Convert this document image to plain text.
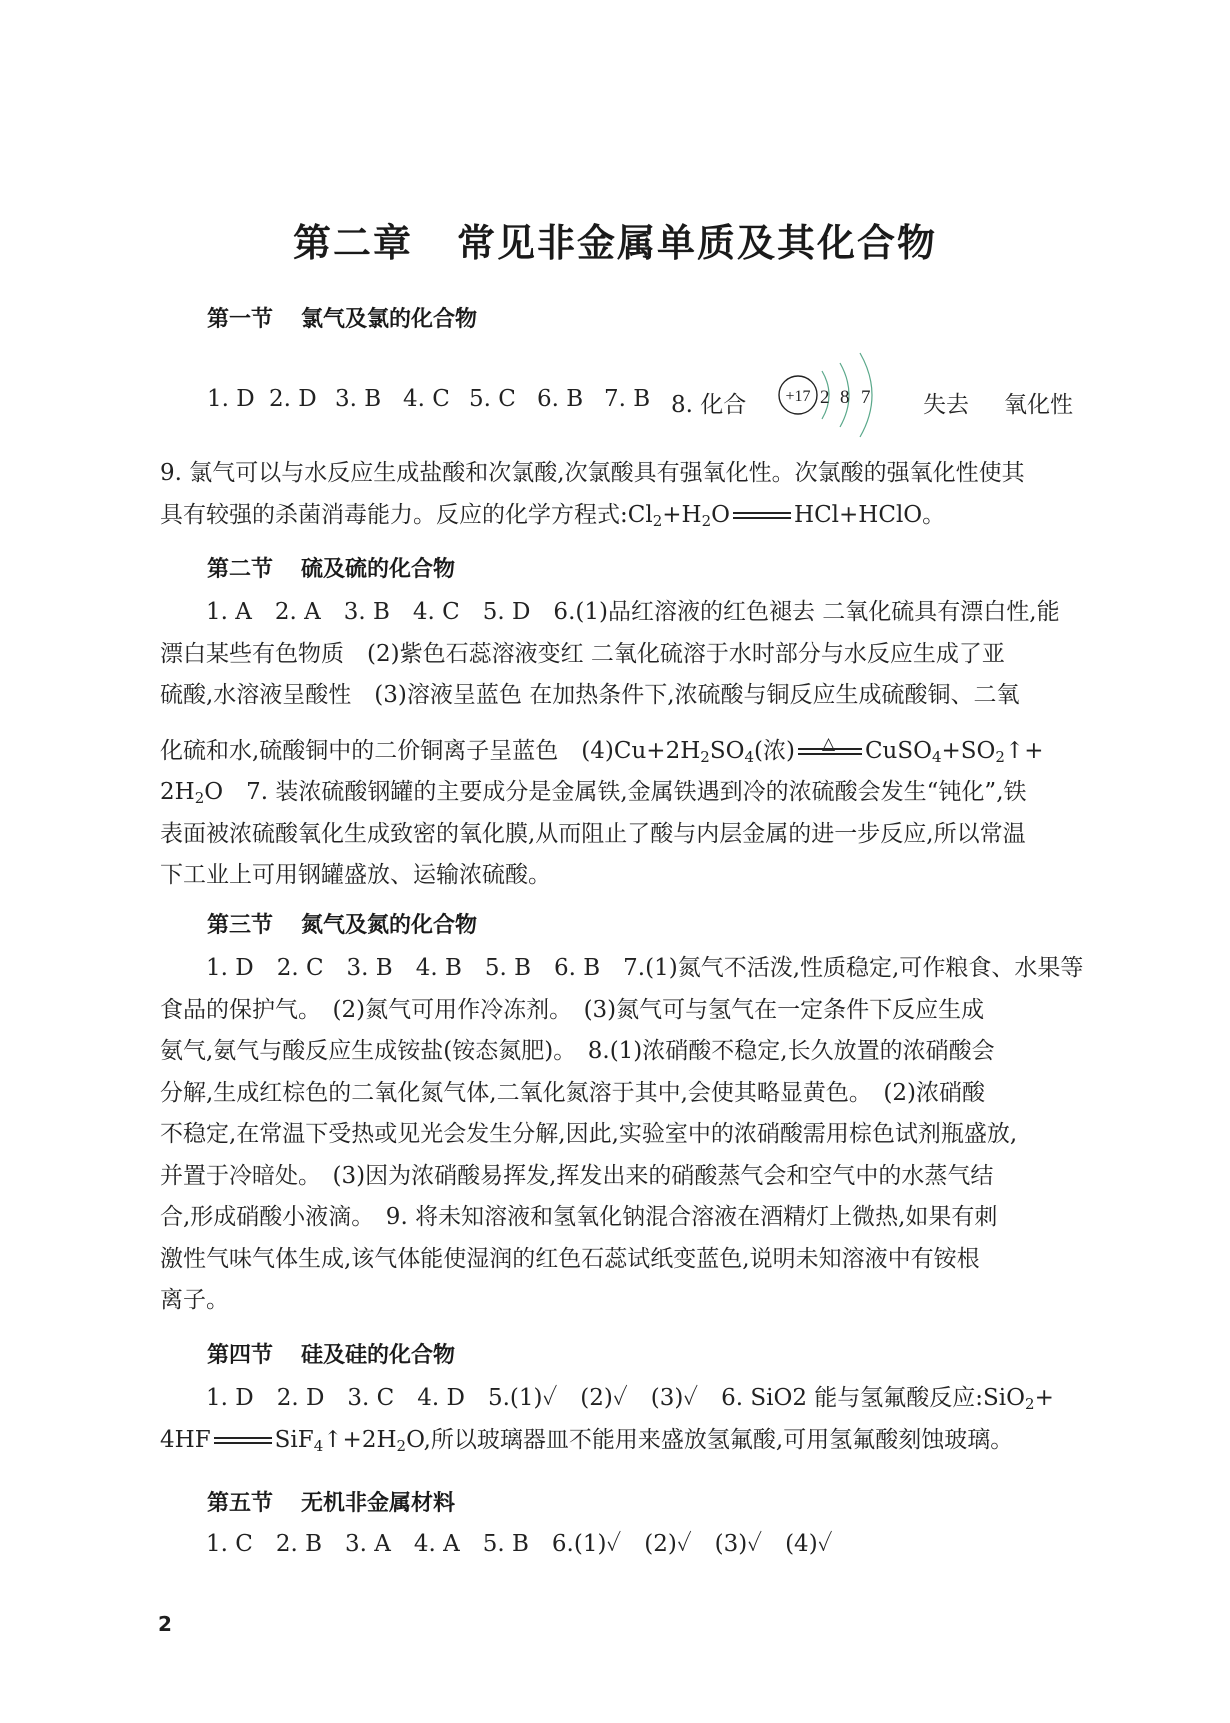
第二章 常见非金属单质及其化合物
第一节 氯气及氯的化合物
1. D 2. D 3. B 4. C 5. C 6. B 7. B 8. 化合	失去 氧化性
+17 2 8 7
9. 氯气可以与水反应生成盐酸和次氯酸,次氯酸具有强氧化性。次氯酸的强氧化性使其
具有较强的杀菌消毒能力。反应的化学方程式$:Cl_2+H_2O$	HCl+HClO。
第二节 硫及硫的化合物
1. A　2. A　3. B　4. C　5. D　6.(1)品红溶液的红色褪去 二氧化硫具有漂白性,能
漂白某些有色物质　(2)紫色石蕊溶液变红 二氧化硫溶于水时部分与水反应生成了亚
硫酸,水溶液呈酸性　(3)溶液呈蓝色 在加热条件下,浓硫酸与铜反应生成硫酸铜、二氧
化硫和水,硫酸铜中的二价铜离子呈蓝色　$(4)Cu+2H_2SO_4$(浓) △ $CuSO_4+SO_2↑+$
$2H_2O$　7. 装浓硫酸钢罐的主要成分是金属铁,金属铁遇到冷的浓硫酸会发生“钝化”,铁
表面被浓硫酸氧化生成致密的氧化膜,从而阻止了酸与内层金属的进一步反应,所以常温
下工业上可用钢罐盛放、运输浓硫酸。
第三节 氮气及氮的化合物
1. D　2. C　3. B　4. B　5. B　6. B　7.(1)氮气不活泼,性质稳定,可作粮食、水果等
食品的保护气。　(2)氮气可用作冷冻剂。　(3)氮气可与氢气在一定条件下反应生成
氨气,氨气与酸反应生成铵盐(铵态氮肥)。　8.(1)浓硝酸不稳定,长久放置的浓硝酸会
分解,生成红棕色的二氧化氮气体,二氧化氮溶于其中,会使其略显黄色。　(2)浓硝酸
不稳定,在常温下受热或见光会发生分解,因此,实验室中的浓硝酸需用棕色试剂瓶盛放,
并置于冷暗处。　(3)因为浓硝酸易挥发,挥发出来的硝酸蒸气会和空气中的水蒸气结
合,形成硝酸小液滴。　9. 将未知溶液和氢氧化钠混合溶液在酒精灯上微热,如果有刺
激性气味气体生成,该气体能使湿润的红色石蕊试纸变蓝色,说明未知溶液中有铵根
离子。
第四节 硅及硅的化合物
1. D　2. D　3. C　4. D　5.(1)✓　(2)✓　(3)✓　6. SiO2 能与氢氟酸反应:SiO$_2$+
4HF	$SiF_4↑+2H_2O$,所以玻璃器皿不能用来盛放氢氟酸,可用氢氟酸刻蚀玻璃。
第五节 无机非金属材料
1. C　2. B　3. A　4. A　5. B　6.(1)✓　(2)✓　(3)✓　(4)✓
2
